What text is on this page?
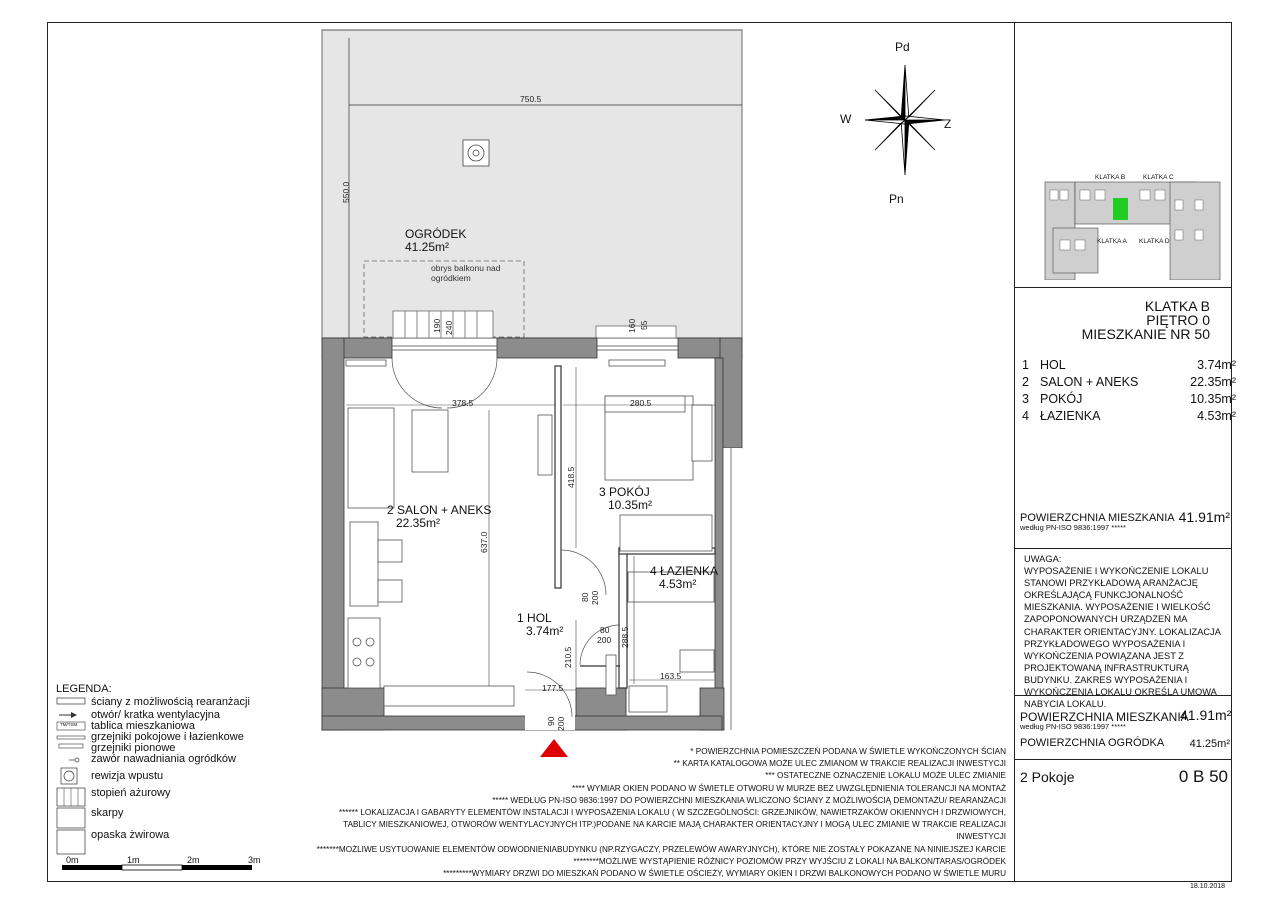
750.5
550.0
378.5	280.5
637.0
418.5
288.5
163.5
177.5
210.5
190 240	160 55
80 200
80
200
90 200
OGRÓDEK
41.25m²
obrys balkonu nad
ogródkiem
2 SALON + ANEKS
22.35m²
3 POKÓJ
10.35m²
4 ŁAZIENKA
4.53m²
1 HOL
3.74m²
Pd
Pn
W	Z
KLATKA B	KLATKA C
KLATKA A KLATKA D
KLATKA B
PIĘTRO 0
MIESZKANIE NR 50
1 HOL	3.74m²
2 SALON + ANEKS	22.35m²
3 POKÓJ	10.35m²
4 ŁAZIENKA	4.53m²
POWIERZCHNIA MIESZKANIA
według PN-ISO 9836:1997 *****
41.91m²

UWAGA:

WYPOSAŻENIE I WYKOŃCZENIE LOKALU STANOWI PRZYKŁADOWĄ ARANŻACJĘ OKREŚLAJĄCĄ FUNKCJONALNOŚĆ MIESZKANIA. WYPOSAŻENIE I WIELKOŚĆ ZAPOPONOWANYCH URZĄDZEŃ MA CHARAKTER ORIENTACYJNY. LOKALIZACJA PRZYKŁADOWEGO WYPOSAŻENIA I WYKOŃCZENIA POWIĄZANA JEST Z PROJEKTOWANĄ INFRASTRUKTURĄ BUDYNKU. ZAKRES WYPOSAŻENIA I WYKOŃCZENIA LOKALU OKREŚLA UMOWA NABYCIA LOKALU.

POWIERZCHNIA MIESZKANIA
41.91m²
według PN-ISO 9836:1997 *****
POWIERZCHNIA OGRÓDKA	41.25m²
2 Pokoje	0 B 50
18.10.2018

* POWIERZCHNIA POMIESZCZEŃ PODANA W ŚWIETLE WYKOŃCZONYCH ŚCIAN

** KARTA KATALOGOWA MOŻE ULEC ZMIANOM W TRAKCIE REALIZACJI INWESTYCJI

*** OSTATECZNE OZNACZENIE LOKALU MOŻE ULEC ZMIANIE

**** WYMIAR OKIEN PODANO W ŚWIETLE OTWORU W MURZE BEZ UWZGLĘDNIENIA TOLERANCJI NA MONTAŻ

***** WEDŁUG PN-ISO 9836:1997 DO POWIERZCHNI MIESZKANIA WLICZONO ŚCIANY Z MOŻLIWOŚCIĄ DEMONTAŻU/ REARANŻACJI

****** LOKALIZACJA I GABARYTY ELEMENTÓW INSTALACJI I WYPOSAŻENIA LOKALU ( W SZCZEGÓLNOŚCI: GRZEJNIKÓW, NAWIETRZAKÓW OKIENNYCH I DRZWIOWYCH,

TABLICY MIESZKANIOWEJ, OTWORÓW WENTYLACYJNYCH ITP.)PODANE NA KARCIE MAJĄ CHARAKTER ORIENTACYJNY I MOGĄ ULEC ZMIANIE W TRAKCIE REALIZACJI INWESTYCJI

*******MOŻLIWE USYTUOWANIE ELEMENTÓW ODWODNIENIABUDYNKU (NP.RZYGACZY, PRZELEWÓW AWARYJNYCH), KTÓRE NIE ZOSTAŁY POKAZANE NA NINIEJSZEJ KARCIE

********MOŻLIWE WYSTĄPIENIE RÓŻNICY POZIOMÓW PRZY WYJŚCIU Z LOKALI NA BALKON/TARAS/OGRÓDEK

*********WYMIARY DRZWI DO MIESZKAŃ PODANO W ŚWIETLE OŚCIEŻY, WYMIARY OKIEN I DRZWI BALKONOWYCH PODANO W ŚWIETLE MURU

LEGENDA:
TM/TSM
ściany z możliwością rearanżacji
otwór/ kratka wentylacyjna
tablica mieszkaniowa
grzejniki pokojowe i łazienkowe
grzejniki pionowe
zawór nawadniania ogródków
rewizja wpustu
stopień ażurowy
skarpy
opaska żwirowa
0m	1m	2m	3m
